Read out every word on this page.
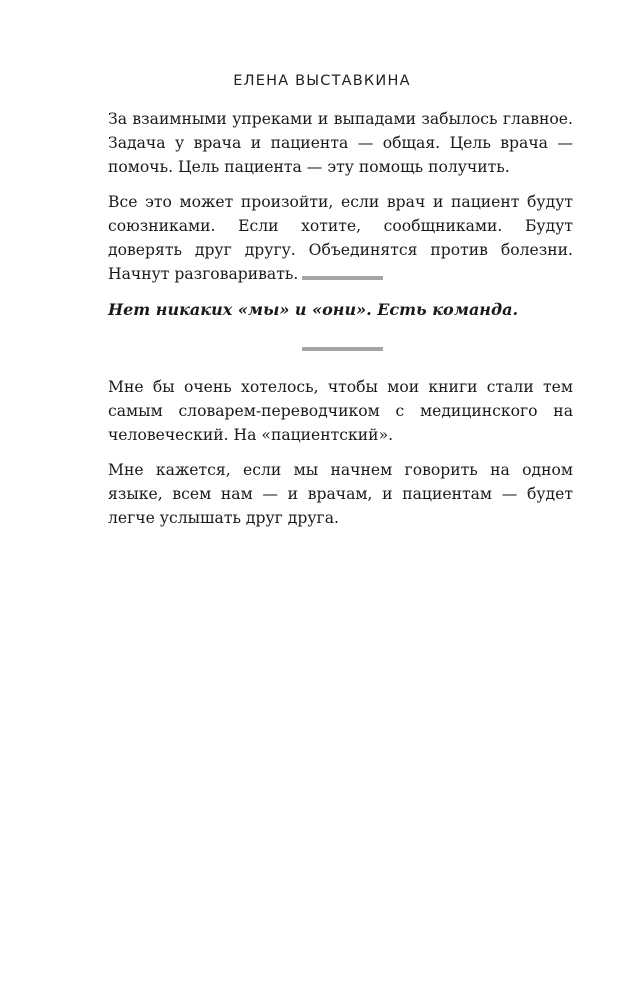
ЕЛЕНА ВЫСТАВКИНА

За взаимными упреками и выпадами забылось главное. Задача у врача и пациента — общая. Цель врача — помочь. Цель пациента — эту помощь получить.

Все это может произойти, если врач и пациент будут союзниками. Если хотите, сообщниками. Будут доверять друг другу. Объединятся против болезни. Начнут разговаривать.

Нет никаких «мы» и «они». Есть команда.

Мне бы очень хотелось, чтобы мои книги стали тем самым словарем-переводчиком с медицинского на человеческий. На «пациентский».

Мне кажется, если мы начнем говорить на одном языке, всем нам — и врачам, и пациентам — будет легче услышать друг друга.
